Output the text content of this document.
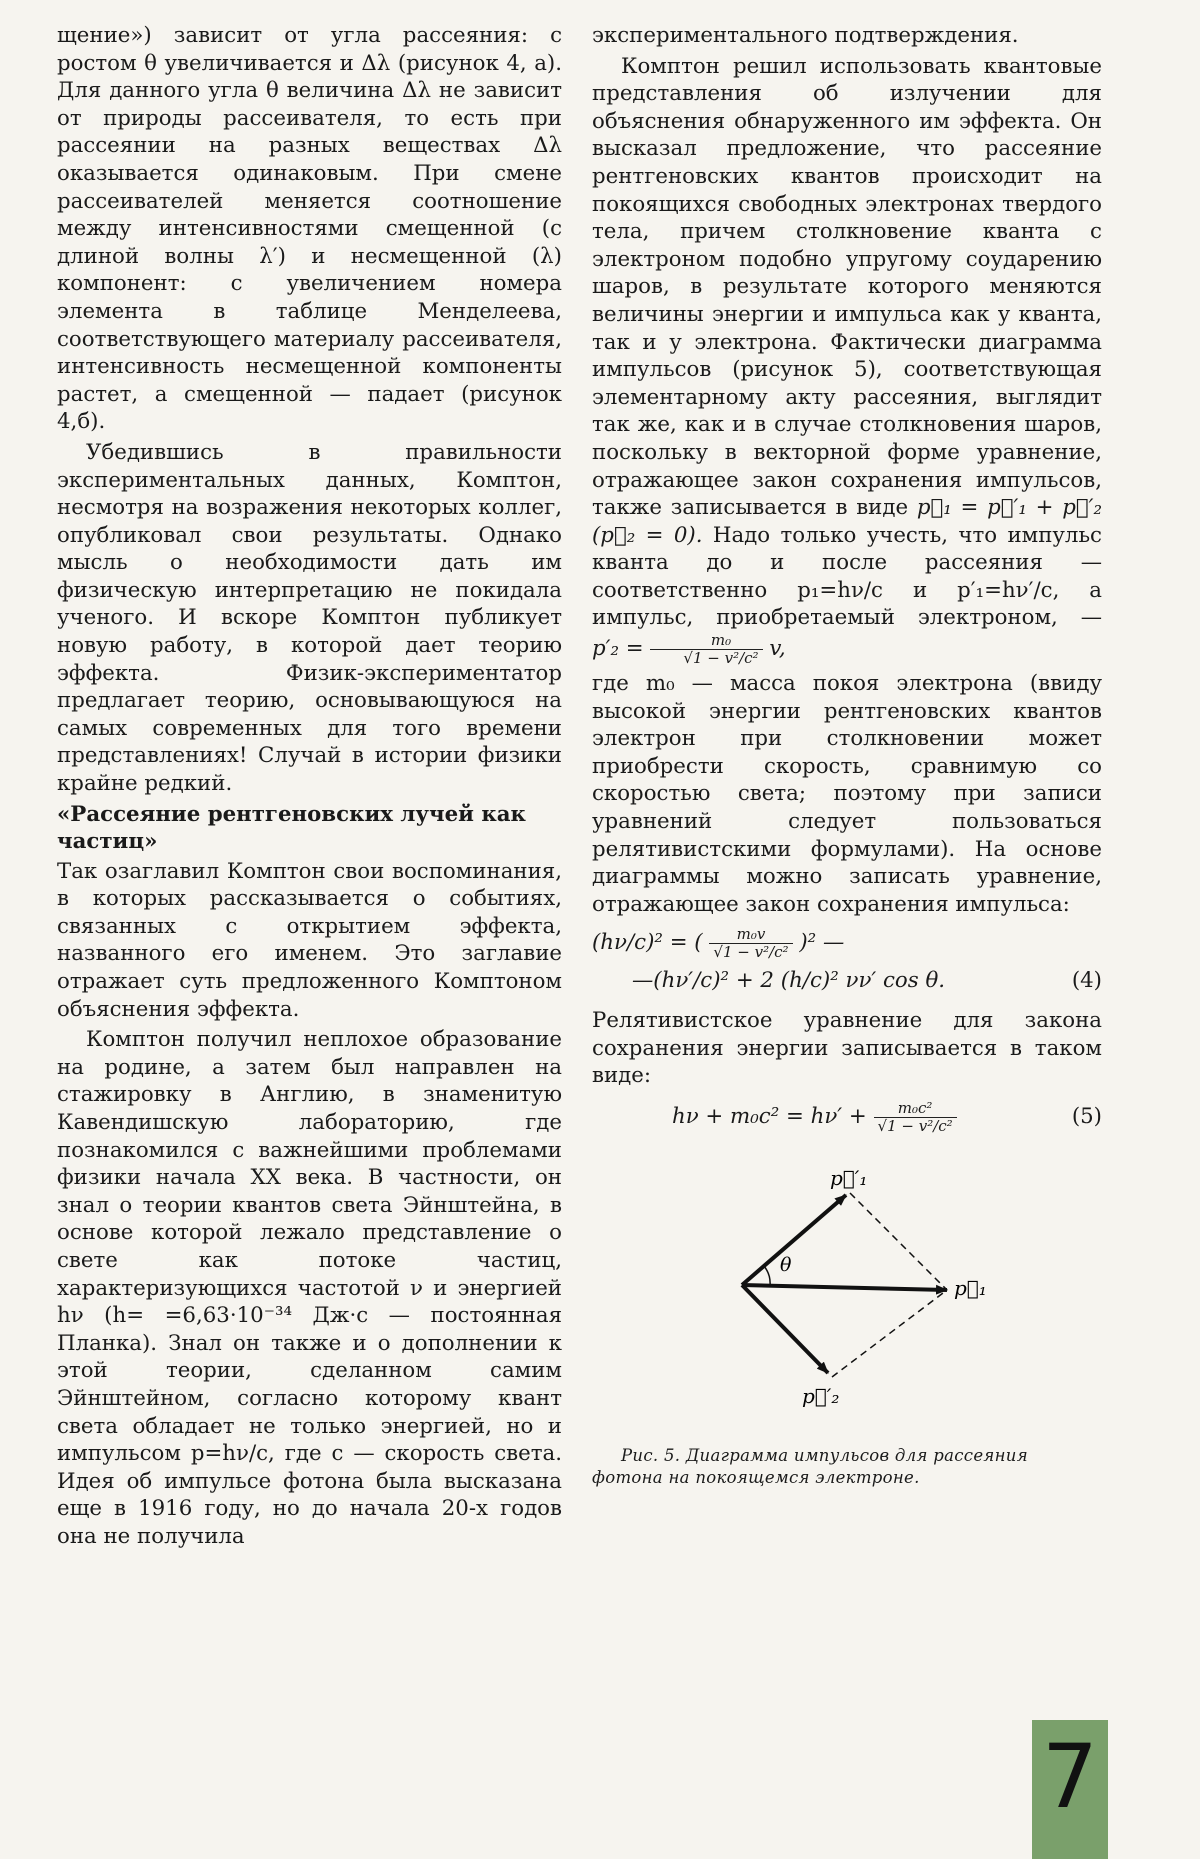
щение») зависит от угла рассеяния: с ростом θ увеличивается и Δλ (рисунок 4, а). Для данного угла θ величина Δλ не зависит от природы рассеивателя, то есть при рассеянии на разных веществах Δλ оказывается одинаковым. При смене рассеивателей меняется соотношение между интенсивностями смещенной (с длиной волны λ′) и несмещенной (λ) компонент: с увеличением номера элемента в таблице Менделеева, соответствующего материалу рассеивателя, интенсивность несмещенной компоненты растет, а смещенной — падает (рисунок 4,б).

Убедившись в правильности экспериментальных данных, Комптон, несмотря на возражения некоторых коллег, опубликовал свои результаты. Однако мысль о необходимости дать им физическую интерпретацию не покидала ученого. И вскоре Комптон публикует новую работу, в которой дает теорию эффекта. Физик-экспериментатор предлагает теорию, основывающуюся на самых современных для того времени представлениях! Случай в истории физики крайне редкий.

«Рассеяние рентгеновских лучей как частиц»

Так озаглавил Комптон свои воспоминания, в которых рассказывается о событиях, связанных с открытием эффекта, названного его именем. Это заглавие отражает суть предложенного Комптоном объяснения эффекта.

Комптон получил неплохое образование на родине, а затем был направлен на стажировку в Англию, в знаменитую Кавендишскую лабораторию, где познакомился с важнейшими проблемами физики начала XX века. В частности, он знал о теории квантов света Эйнштейна, в основе которой лежало представление о свете как потоке частиц, характеризующихся частотой ν и энергией hν (h= =6,63·10⁻³⁴ Дж·с — постоянная Планка). Знал он также и о дополнении к этой теории, сделанном самим Эйнштейном, согласно которому квант света обладает не только энергией, но и импульсом p=hν/c, где c — скорость света. Идея об импульсе фотона была высказана еще в 1916 году, но до начала 20-х годов она не получила

экспериментального подтверждения.

Комптон решил использовать квантовые представления об излучении для объяснения обнаруженного им эффекта. Он высказал предложение, что рассеяние рентгеновских квантов происходит на покоящихся свободных электронах твердого тела, причем столкновение кванта с электроном подобно упругому соударению шаров, в результате которого меняются величины энергии и импульса как у кванта, так и у электрона. Фактически диаграмма импульсов (рисунок 5), соответствующая элементарному акту рассеяния, выглядит так же, как и в случае столкновения шаров, поскольку в векторной форме уравнение, отражающее закон сохранения импульсов, также записывается в виде p⃗₁ = p⃗′₁ + p⃗′₂ (p⃗₂ = 0). Надо только учесть, что импульс кванта до и после рассеяния — соответственно p₁=hν/c и p′₁=hν′/c, а импульс, приобретаемый электроном, — $p'_2 = \frac{\text{m₀}}{\text{√1 − v²/c²}} v$,

где m₀ — масса покоя электрона (ввиду высокой энергии рентгеновских квантов электрон при столкновении может приобрести скорость, сравнимую со скоростью света; поэтому при записи уравнений следует пользоваться релятивистскими формулами). На основе диаграммы можно записать уравнение, отражающее закон сохранения импульса:

(hν/c)² = ( $\frac{\text{m₀v}}{\text{√1 − v²/c²}} )^2$ —
—(hν′/c)² + 2 (h/c)² νν′ cos θ.	(4)

Релятивистское уравнение для закона сохранения энергии записывается в таком виде:

$h\nu + m_0c^2 = h\nu' + \frac{\text{m₀c²}}{\text{√1 − v²/c²}}$	(5)
p⃗′₁
p⃗′₂
p⃗₁
θ

Рис. 5. Диаграмма импульсов для рассеяния фотона на покоящемся электроне.

7
